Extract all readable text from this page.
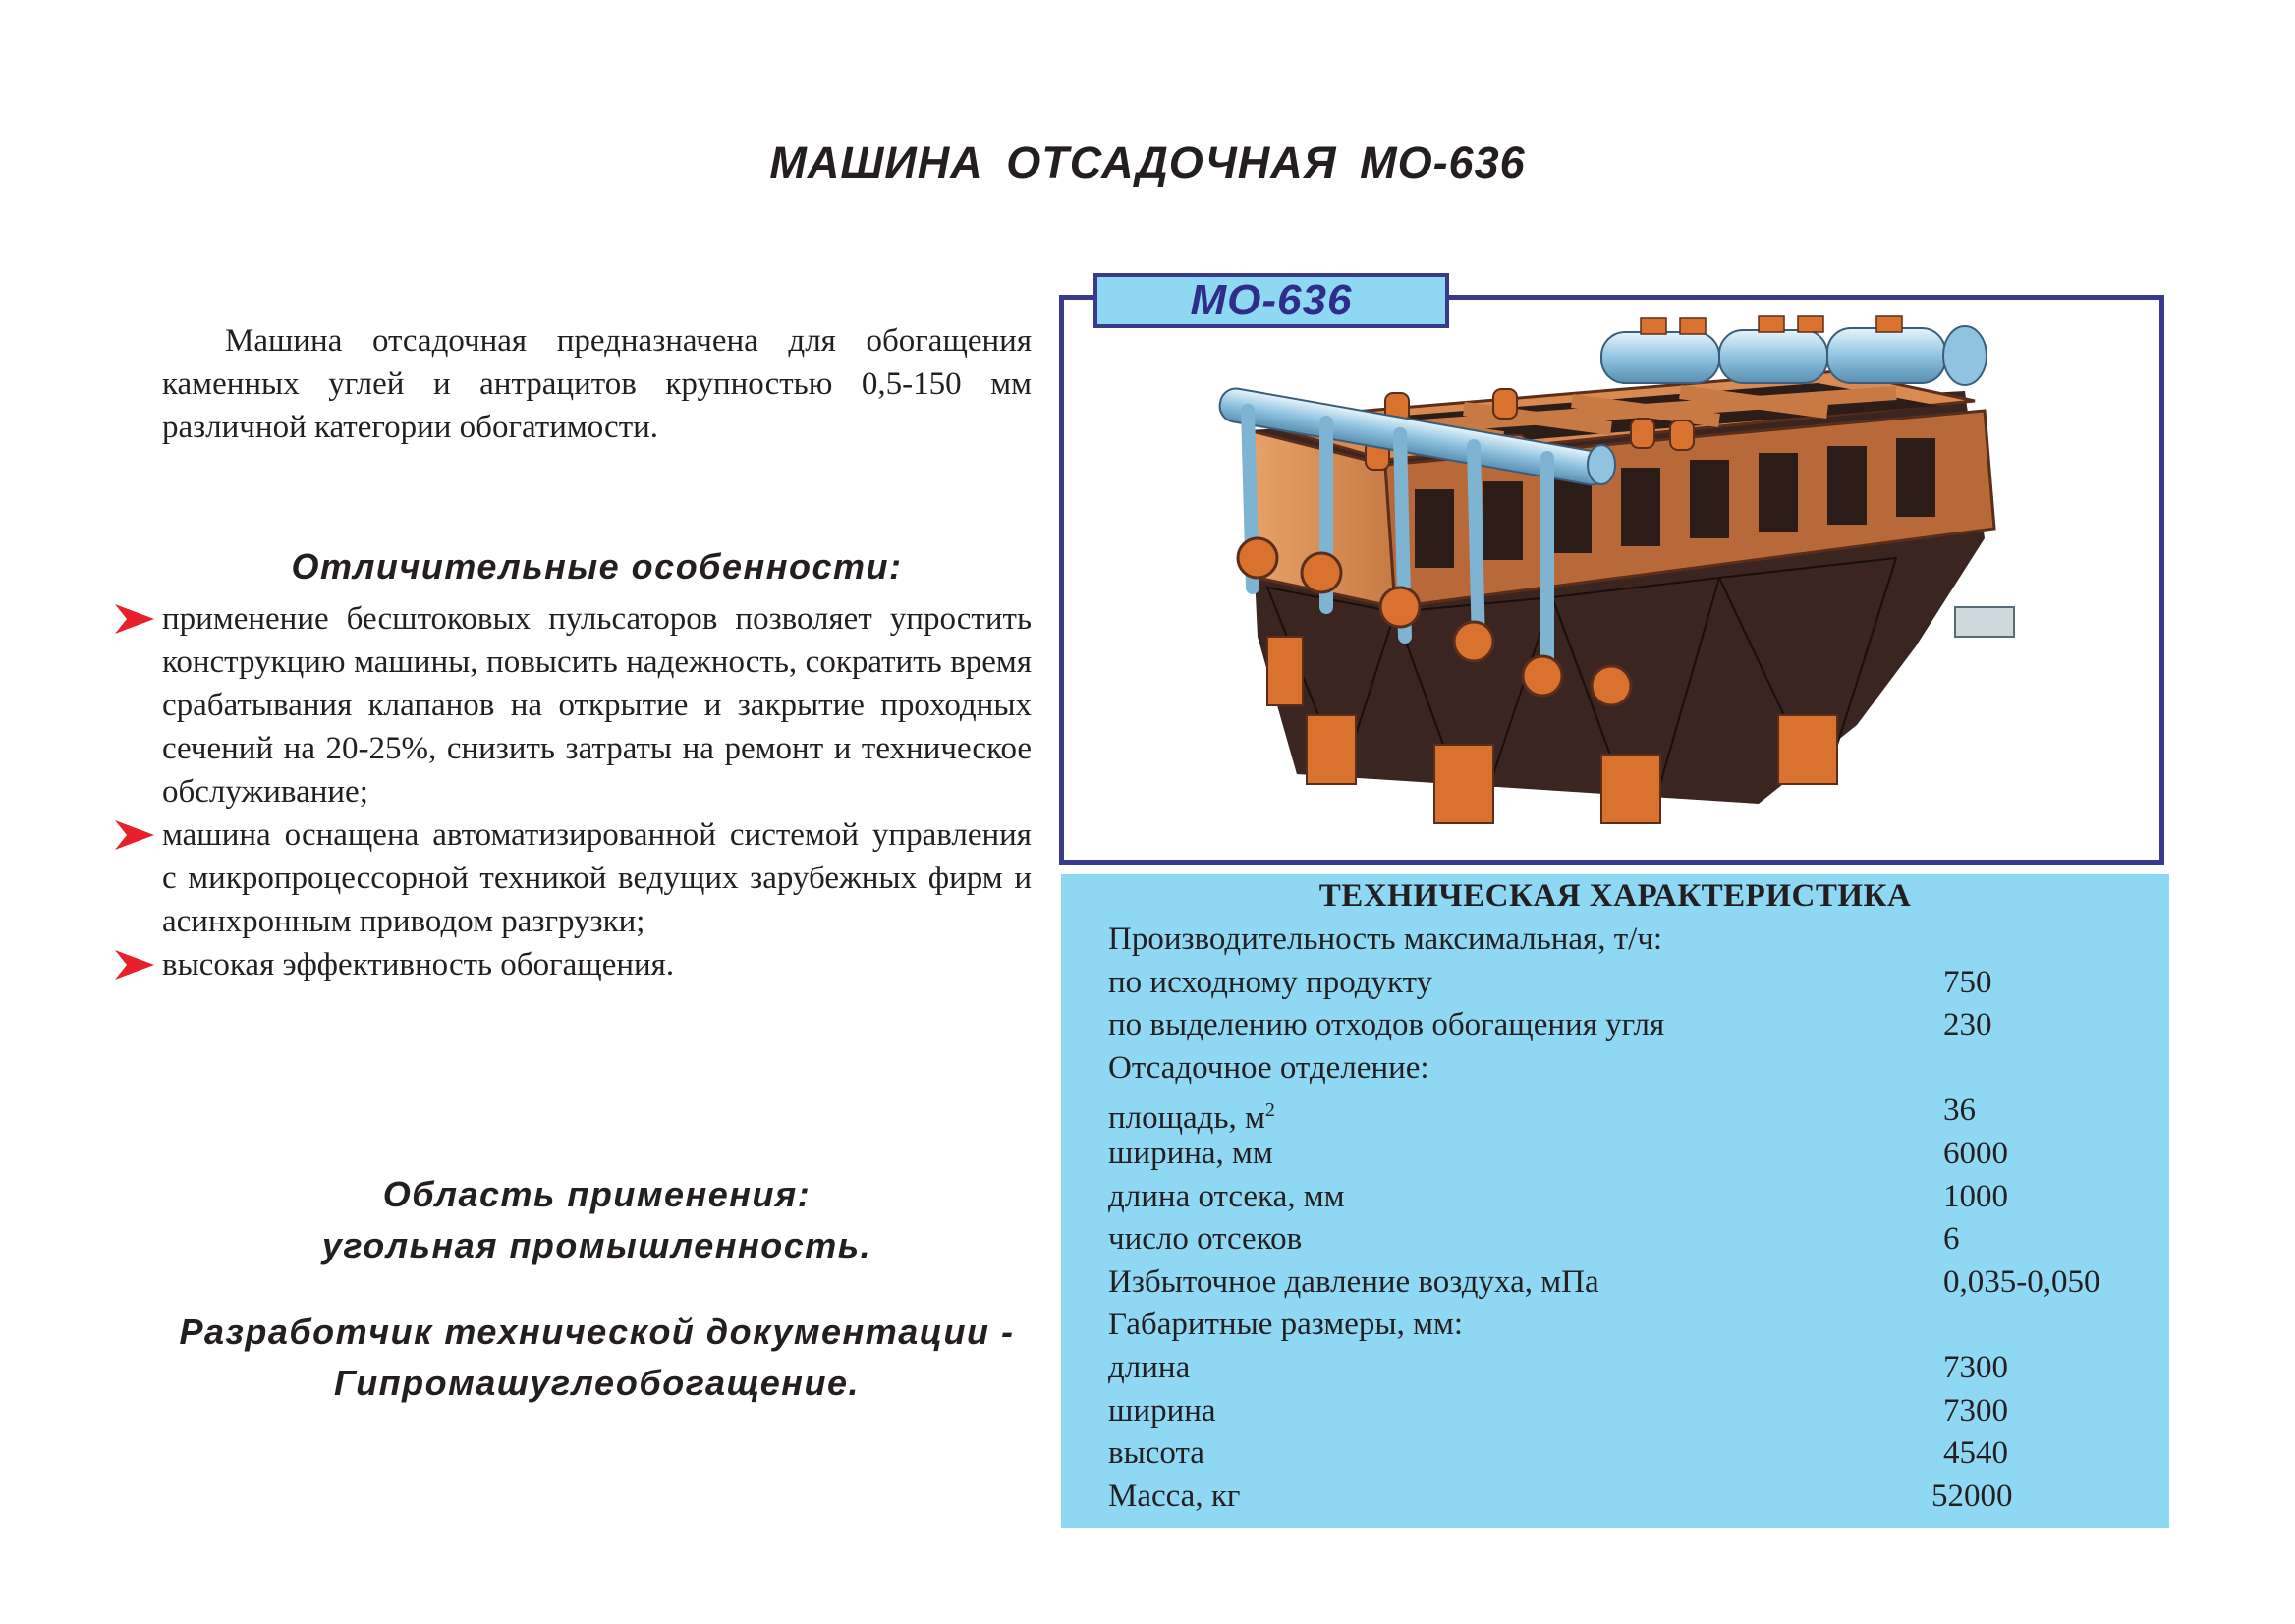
МАШИНА ОТСАДОЧНАЯ МО-636

Машина отсадочная предназначена для обогащения каменных углей и антрацитов крупностью 0,5-150 мм различной категории обогатимости.

Отличительные особенности:
применение бесштоковых пульсаторов позволяет упростить конструкцию машины, повысить надежность, сократить время срабатывания клапанов на открытие и закрытие проходных сечений на 20-25%, снизить затраты на ремонт и техническое обслуживание;
машина оснащена автоматизированной системой управления с микропроцессорной техникой ведущих зарубежных фирм и асинхронным приводом разгрузки;
высокая эффективность обогащения.
Область применения:
угольная промышленность.
Разработчик технической документации -
Гипромашуглеобогащение.
МО-636
ТЕХНИЧЕСКАЯ ХАРАКТЕРИСТИКА
Производительность максимальная, т/ч:
по исходному продукту	750
по выделению отходов обогащения угля	230
Отсадочное отделение:
площадь, $м^2$	36
ширина, мм	6000
длина отсека, мм	1000
число отсеков	6
Избыточное давление воздуха, мПа	0,035-0,050
Габаритные размеры, мм:
длина	7300
ширина	7300
высота	4540
Масса, кг	52000
